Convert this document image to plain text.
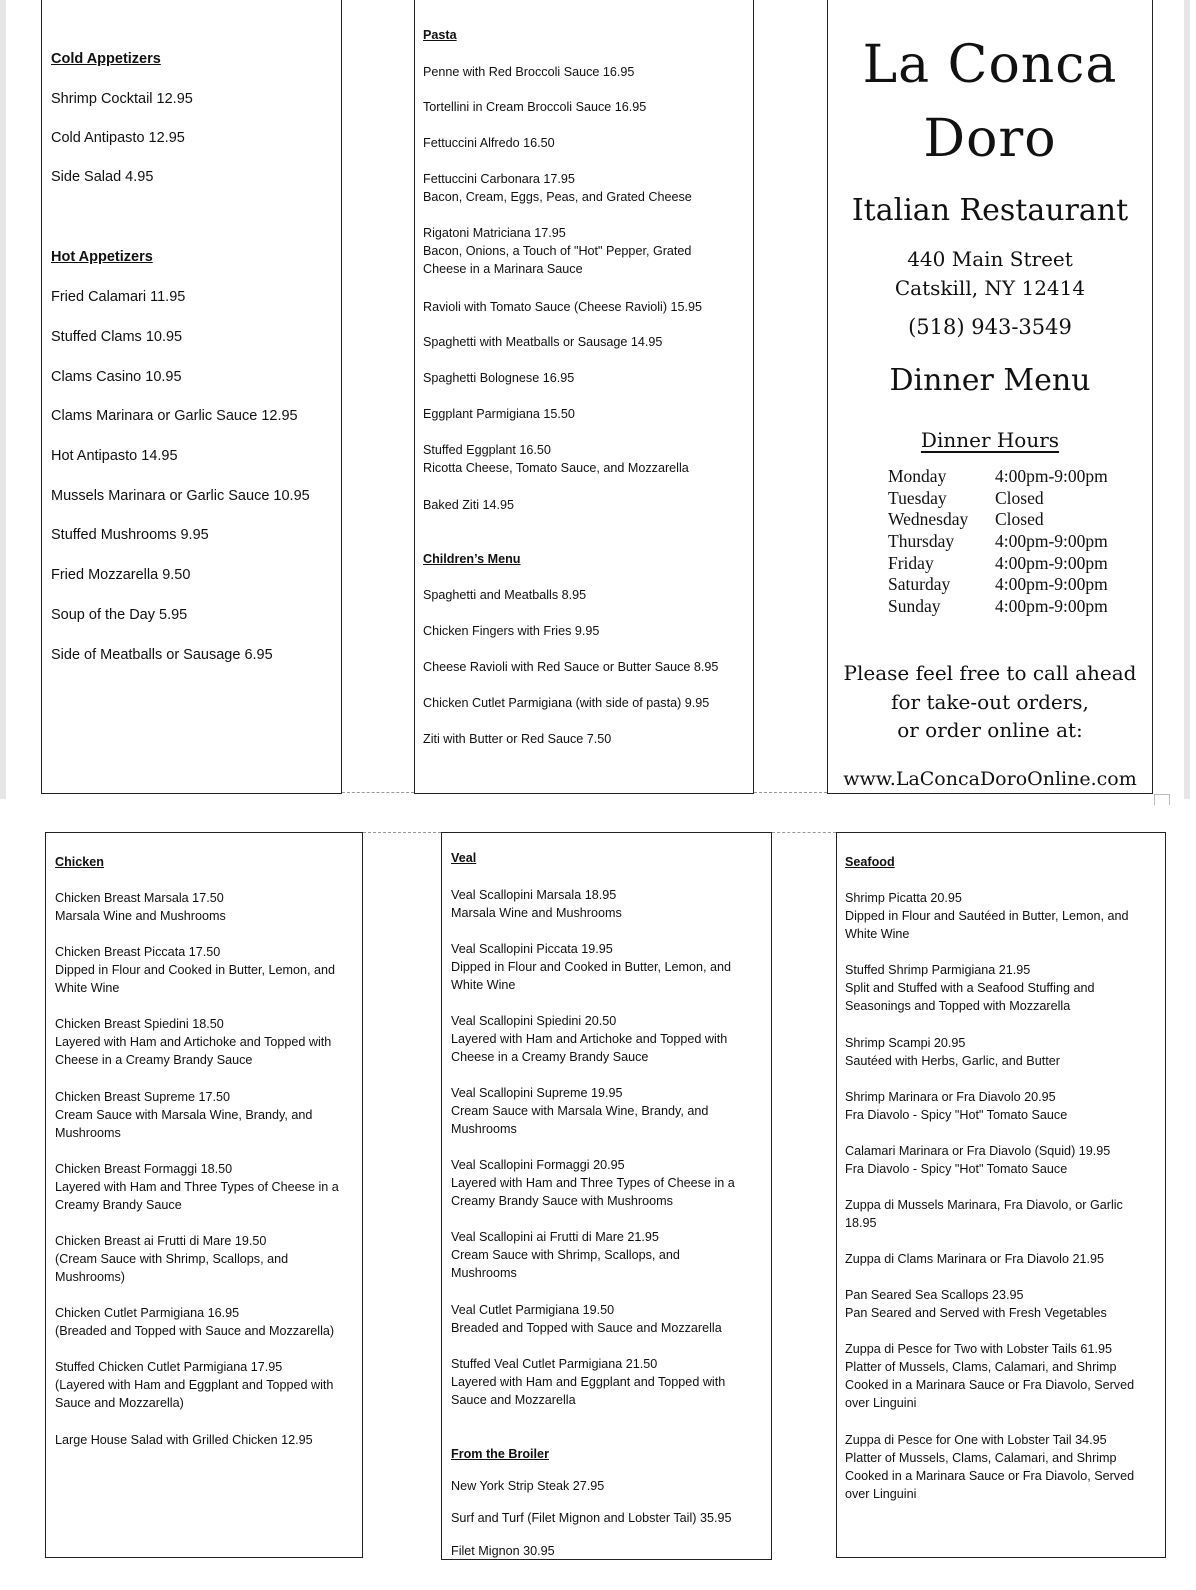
Cold Appetizers
Shrimp Cocktail 12.95
Cold Antipasto 12.95
Side Salad 4.95
Hot Appetizers
Fried Calamari 11.95
Stuffed Clams 10.95
Clams Casino 10.95
Clams Marinara or Garlic Sauce 12.95
Hot Antipasto 14.95
Mussels Marinara or Garlic Sauce 10.95
Stuffed Mushrooms 9.95
Fried Mozzarella 9.50
Soup of the Day 5.95
Side of Meatballs or Sausage 6.95
Pasta
Penne with Red Broccoli Sauce 16.95
Tortellini in Cream Broccoli Sauce 16.95
Fettuccini Alfredo 16.50
Fettuccini Carbonara 17.95
Bacon, Cream, Eggs, Peas, and Grated Cheese
Rigatoni Matriciana 17.95
Bacon, Onions, a Touch of "Hot" Pepper, Grated Cheese in a Marinara Sauce
Ravioli with Tomato Sauce (Cheese Ravioli) 15.95
Spaghetti with Meatballs or Sausage 14.95
Spaghetti Bolognese 16.95
Eggplant Parmigiana 15.50
Stuffed Eggplant 16.50
Ricotta Cheese, Tomato Sauce, and Mozzarella
Baked Ziti 14.95
Children’s Menu
Spaghetti and Meatballs 8.95
Chicken Fingers with Fries 9.95
Cheese Ravioli with Red Sauce or Butter Sauce 8.95
Chicken Cutlet Parmigiana (with side of pasta) 9.95
Ziti with Butter or Red Sauce 7.50
La Conca
Doro
Italian Restaurant
440 Main Street
Catskill, NY 12414
(518) 943-3549
Dinner Menu
Dinner Hours
Monday	4:00pm-9:00pm
Tuesday	Closed
Wednesday Closed
Thursday 4:00pm-9:00pm
Friday	4:00pm-9:00pm
Saturday	4:00pm-9:00pm
Sunday	4:00pm-9:00pm
Please feel free to call ahead
for take-out orders,
or order online at:
www.LaConcaDoroOnline.com
Chicken
Chicken Breast Marsala 17.50
Marsala Wine and Mushrooms
Chicken Breast Piccata 17.50
Dipped in Flour and Cooked in Butter, Lemon, and White Wine
Chicken Breast Spiedini 18.50
Layered with Ham and Artichoke and Topped with Cheese in a Creamy Brandy Sauce
Chicken Breast Supreme 17.50
Cream Sauce with Marsala Wine, Brandy, and Mushrooms
Chicken Breast Formaggi 18.50
Layered with Ham and Three Types of Cheese in a Creamy Brandy Sauce
Chicken Breast ai Frutti di Mare 19.50
(Cream Sauce with Shrimp, Scallops, and Mushrooms)
Chicken Cutlet Parmigiana 16.95
(Breaded and Topped with Sauce and Mozzarella)
Stuffed Chicken Cutlet Parmigiana 17.95
(Layered with Ham and Eggplant and Topped with Sauce and Mozzarella)
Large House Salad with Grilled Chicken 12.95
Veal
Veal Scallopini Marsala 18.95
Marsala Wine and Mushrooms
Veal Scallopini Piccata 19.95
Dipped in Flour and Cooked in Butter, Lemon, and White Wine
Veal Scallopini Spiedini 20.50
Layered with Ham and Artichoke and Topped with Cheese in a Creamy Brandy Sauce
Veal Scallopini Supreme 19.95
Cream Sauce with Marsala Wine, Brandy, and Mushrooms
Veal Scallopini Formaggi 20.95
Layered with Ham and Three Types of Cheese in a Creamy Brandy Sauce with Mushrooms
Veal Scallopini ai Frutti di Mare 21.95
Cream Sauce with Shrimp, Scallops, and Mushrooms
Veal Cutlet Parmigiana 19.50
Breaded and Topped with Sauce and Mozzarella
Stuffed Veal Cutlet Parmigiana 21.50
Layered with Ham and Eggplant and Topped with Sauce and Mozzarella
From the Broiler
New York Strip Steak 27.95
Surf and Turf (Filet Mignon and Lobster Tail) 35.95
Filet Mignon 30.95
Seafood
Shrimp Picatta 20.95
Dipped in Flour and Sautéed in Butter, Lemon, and White Wine
Stuffed Shrimp Parmigiana 21.95
Split and Stuffed with a Seafood Stuffing and Seasonings and Topped with Mozzarella
Shrimp Scampi 20.95
Sautéed with Herbs, Garlic, and Butter
Shrimp Marinara or Fra Diavolo 20.95
Fra Diavolo - Spicy "Hot" Tomato Sauce
Calamari Marinara or Fra Diavolo (Squid) 19.95
Fra Diavolo - Spicy "Hot" Tomato Sauce
Zuppa di Mussels Marinara, Fra Diavolo, or Garlic 18.95
Zuppa di Clams Marinara or Fra Diavolo 21.95
Pan Seared Sea Scallops 23.95
Pan Seared and Served with Fresh Vegetables
Zuppa di Pesce for Two with Lobster Tails 61.95
Platter of Mussels, Clams, Calamari, and Shrimp Cooked in a Marinara Sauce or Fra Diavolo, Served over Linguini
Zuppa di Pesce for One with Lobster Tail 34.95
Platter of Mussels, Clams, Calamari, and Shrimp Cooked in a Marinara Sauce or Fra Diavolo, Served over Linguini
